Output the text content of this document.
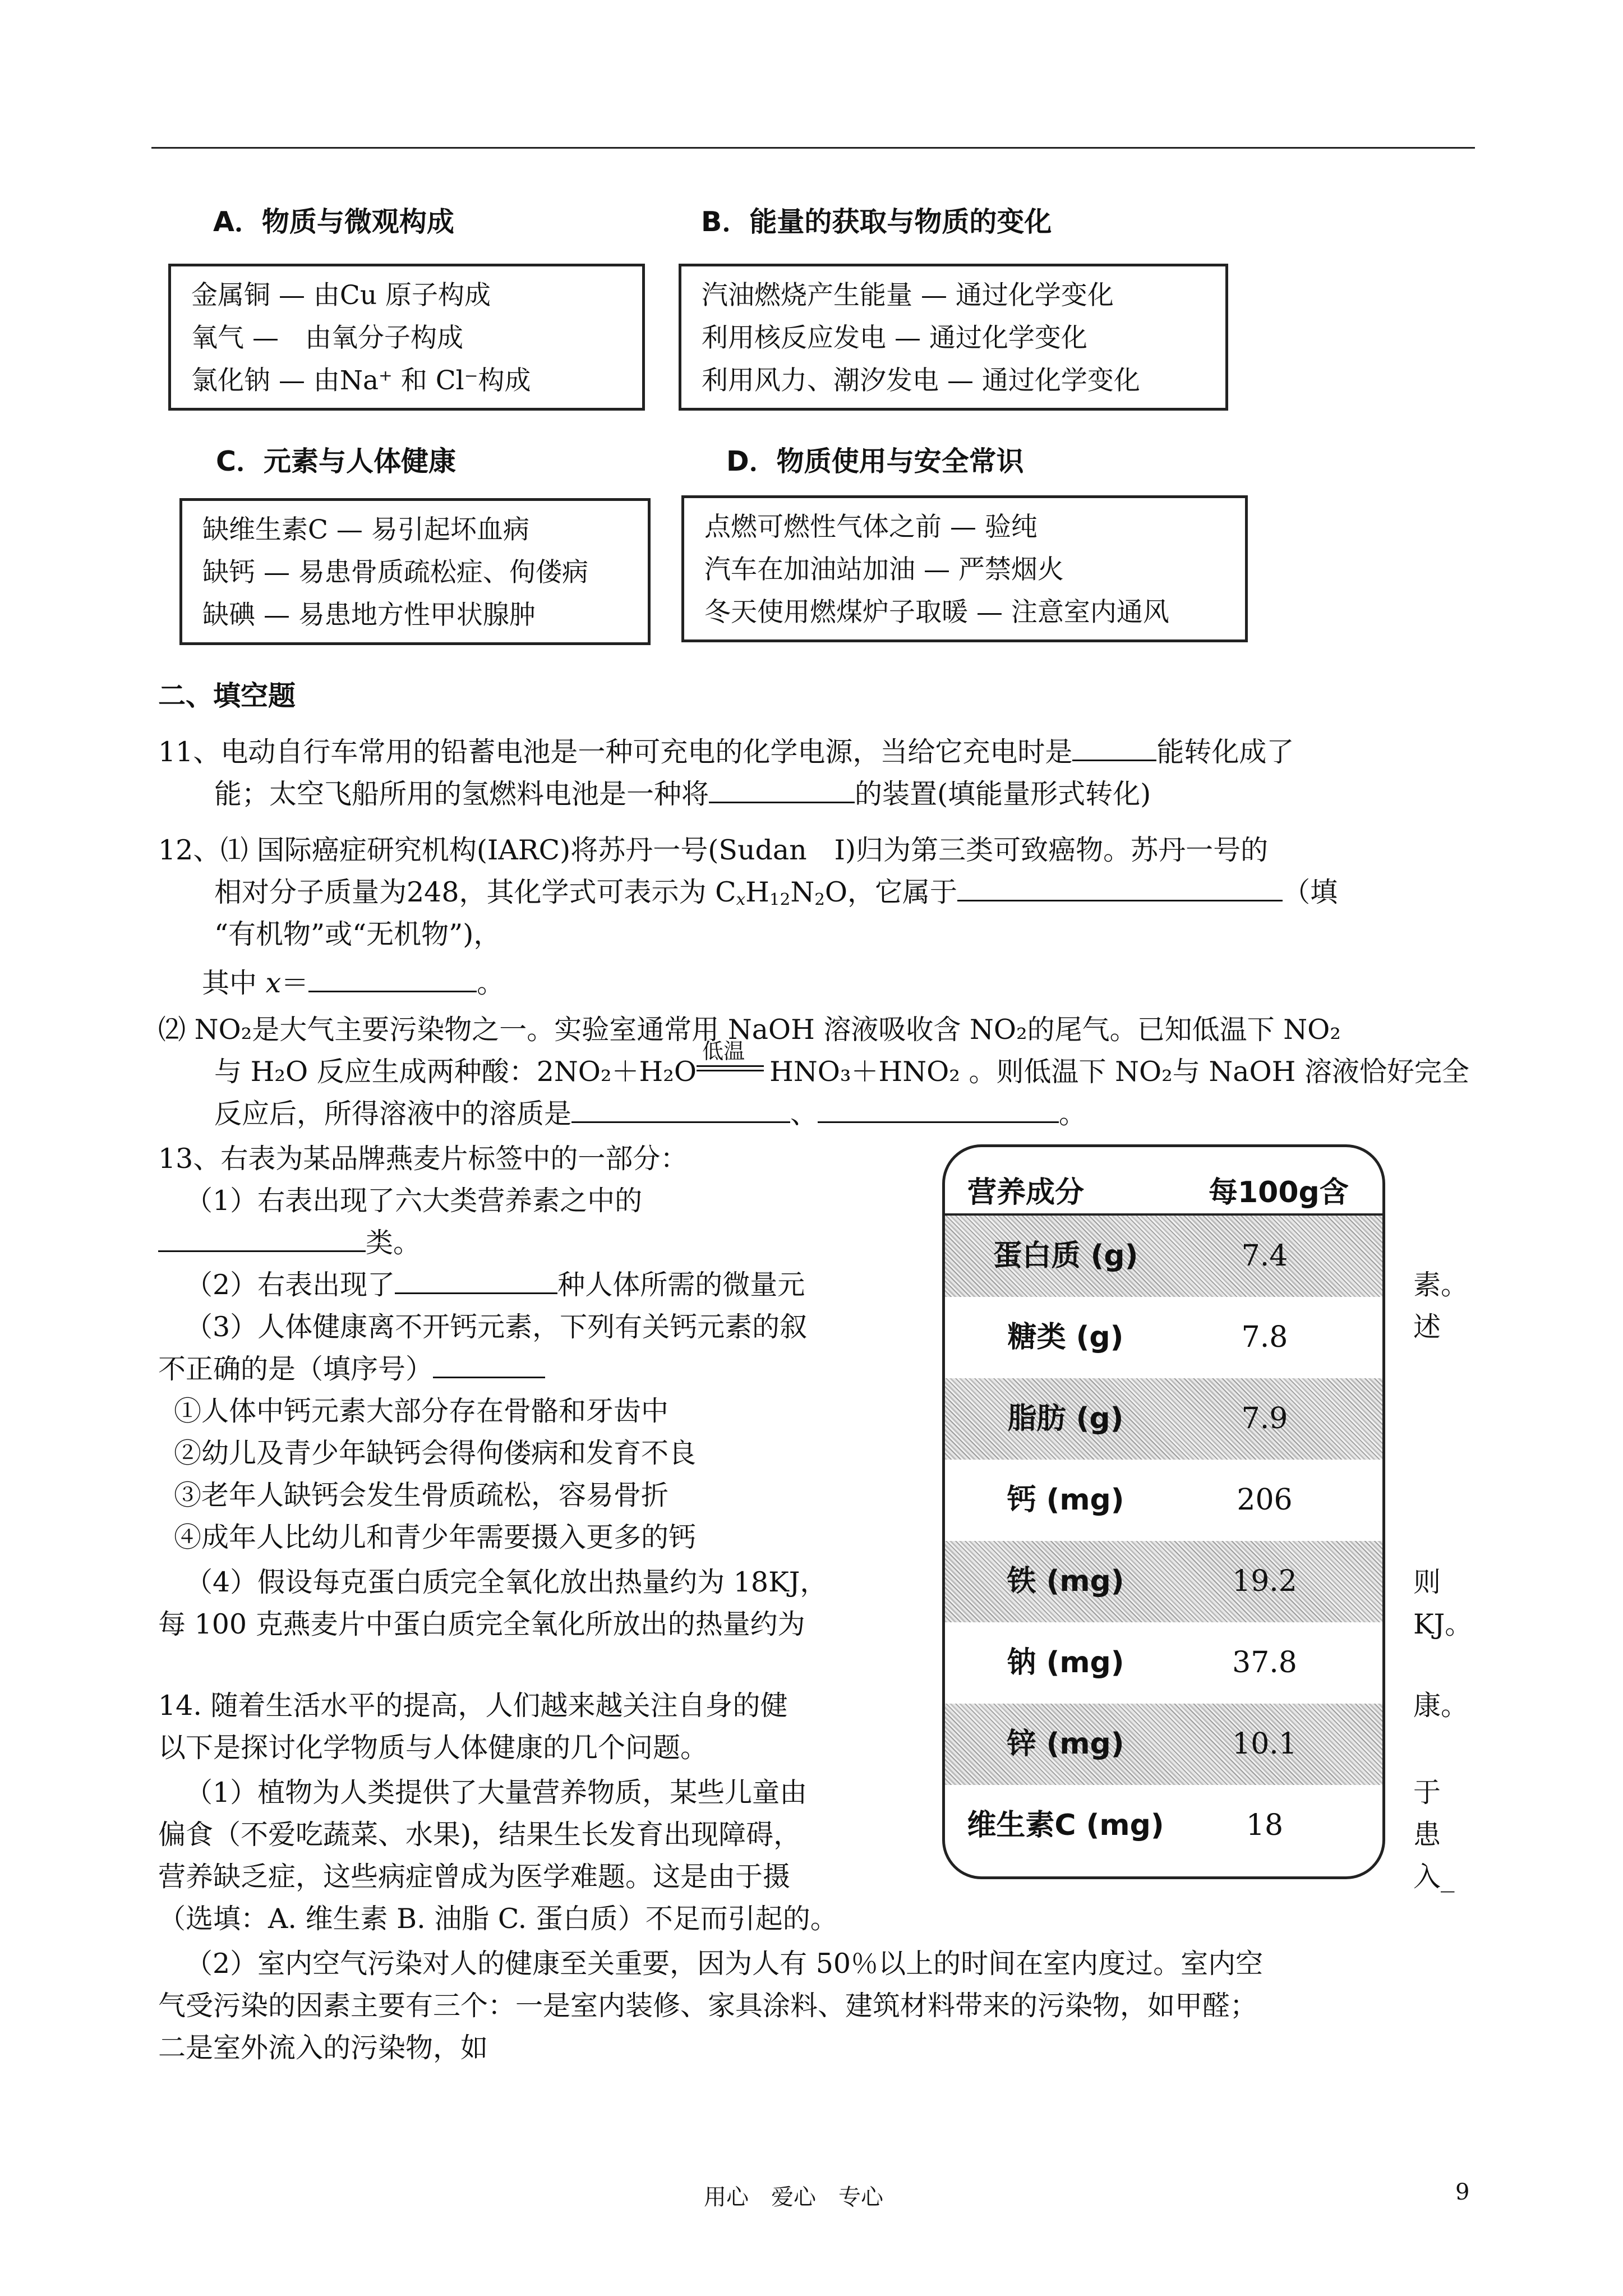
A．物质与微观构成	B．能量的获取与物质的变化
金属铜 — 由Cu 原子构成
氧气 —　由氧分子构成
氯化钠 — 由Na⁺ 和 Cl⁻构成
汽油燃烧产生能量 — 通过化学变化
利用核反应发电 — 通过化学变化
利用风力、潮汐发电 — 通过化学变化
C．元素与人体健康	D．物质使用与安全常识
缺维生素C — 易引起坏血病
缺钙 — 易患骨质疏松症、佝偻病
缺碘 — 易患地方性甲状腺肿
点燃可燃性气体之前 — 验纯
汽车在加油站加油 — 严禁烟火
冬天使用燃煤炉子取暖 — 注意室内通风
二、填空题
11、电动自行车常用的铅蓄电池是一种可充电的化学电源，当给它充电时是	能转化成了
能；太空飞船所用的氢燃料电池是一种将	的装置(填能量形式转化)
12、⑴ 国际癌症研究机构(IARC)将苏丹一号(Sudan　I)归为第三类可致癌物。苏丹一号的
相对分子质量为248，其化学式可表示为 $C_xH_{12}N_2O$，它属于	（填
“有机物”或“无机物”)，
其中 x＝	。
⑵ NO₂是大气主要污染物之一。实验室通常用 NaOH 溶液吸收含 NO₂的尾气。已知低温下 NO₂
与 H₂O 反应生成两种酸：2NO₂＋H₂O
低温
HNO₃＋HNO₂ 。则低温下 NO₂与 NaOH 溶液恰好完全
反应后，所得溶液中的溶质是	、	。
13、右表为某品牌燕麦片标签中的一部分：
（1）右表出现了六大类营养素之中的
类。
（2）右表出现了	种人体所需的微量元	素。
（3）人体健康离不开钙元素，下列有关钙元素的叙	述
不正确的是（填序号）
①人体中钙元素大部分存在骨骼和牙齿中
②幼儿及青少年缺钙会得佝偻病和发育不良
③老年人缺钙会发生骨质疏松，容易骨折
④成年人比幼儿和青少年需要摄入更多的钙
（4）假设每克蛋白质完全氧化放出热量约为 18KJ，	则
每 100 克燕麦片中蛋白质完全氧化所放出的热量约为	KJ。
14. 随着生活水平的提高，人们越来越关注自身的健	康。
以下是探讨化学物质与人体健康的几个问题。
（1）植物为人类提供了大量营养物质，某些儿童由	于
偏食（不爱吃蔬菜、水果)，结果生长发育出现障碍，	患
营养缺乏症，这些病症曾成为医学难题。这是由于摄	入_
（选填：A. 维生素 B. 油脂 C. 蛋白质）不足而引起的。
（2）室内空气污染对人的健康至关重要，因为人有 50％以上的时间在室内度过。室内空
气受污染的因素主要有三个：一是室内装修、家具涂料、建筑材料带来的污染物，如甲醛；
二是室外流入的污染物，如
营养成分	每100g含
蛋白质 (g)	7.4
糖类 (g)	7.8
脂肪 (g)	7.9
钙 (mg)	206
铁 (mg)	19.2
钠 (mg)	37.8
锌 (mg)	10.1
维生素C (mg)	18
用心　爱心　专心	9
